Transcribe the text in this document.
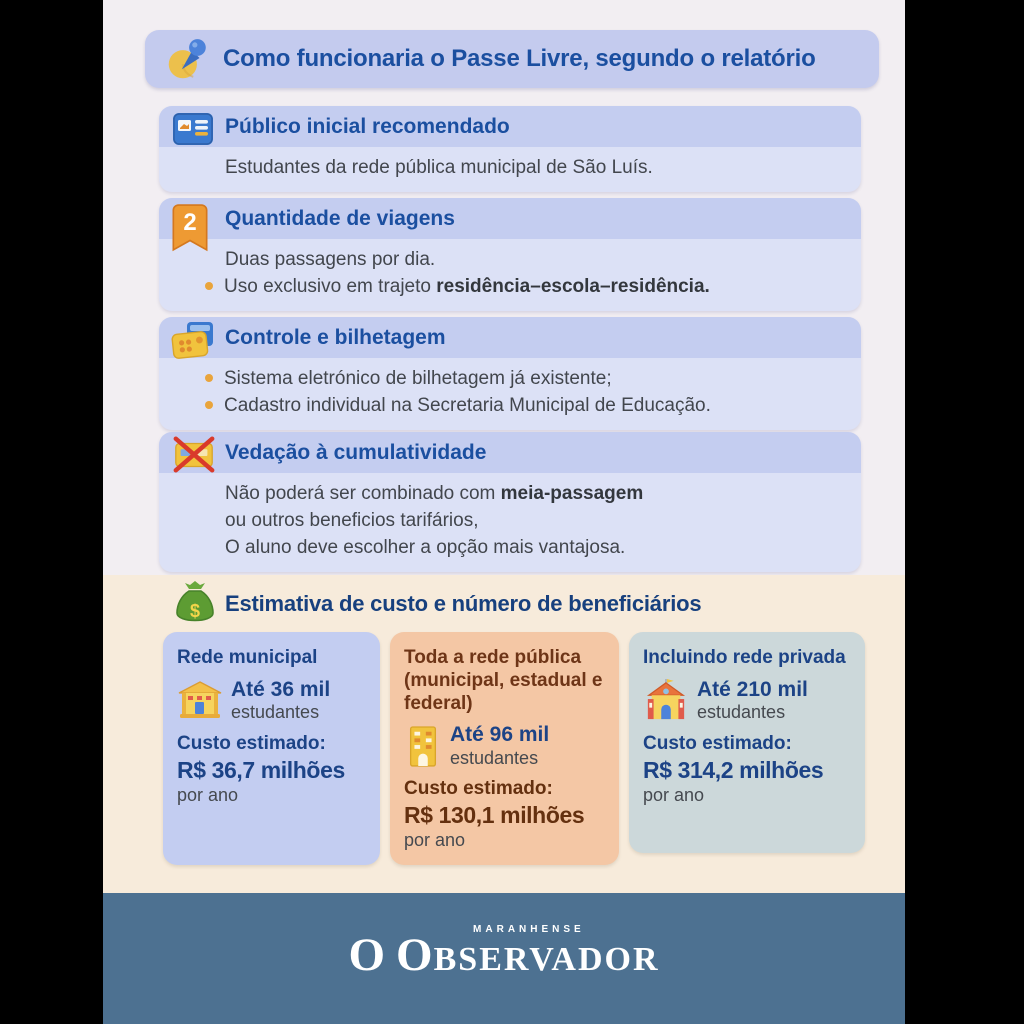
Como funcionaria o Passe Livre, segundo o relatório
Público inicial recomendado

Estudantes da rede pública municipal de São Luís.

2 Quantidade de viagens

Duas passagens por dia.

Uso exclusivo em trajeto residência–escola–residência.

Controle e bilhetagem

Sistema eletrónico de bilhetagem já existente;

Cadastro individual na Secretaria Municipal de Educação.

Vedação à cumulatividade

Não poderá ser combinado com meia-passagem

ou outros beneficios tarifários,

O aluno deve escolher a opção mais vantajosa.

$ Estimativa de custo e número de beneficiários
Rede municipal
Até 36 mil
estudantes
Custo estimado:
R$ 36,7 milhões
por ano
Toda a rede pública (municipal, estadual e federal)
Até 96 mil
estudantes
Custo estimado:
R$ 130,1 milhões
por ano
Incluindo rede privada
Até 210 mil
estudantes
Custo estimado:
R$ 314,2 milhões
por ano
MARANHENSE
O O BSERVADOR
